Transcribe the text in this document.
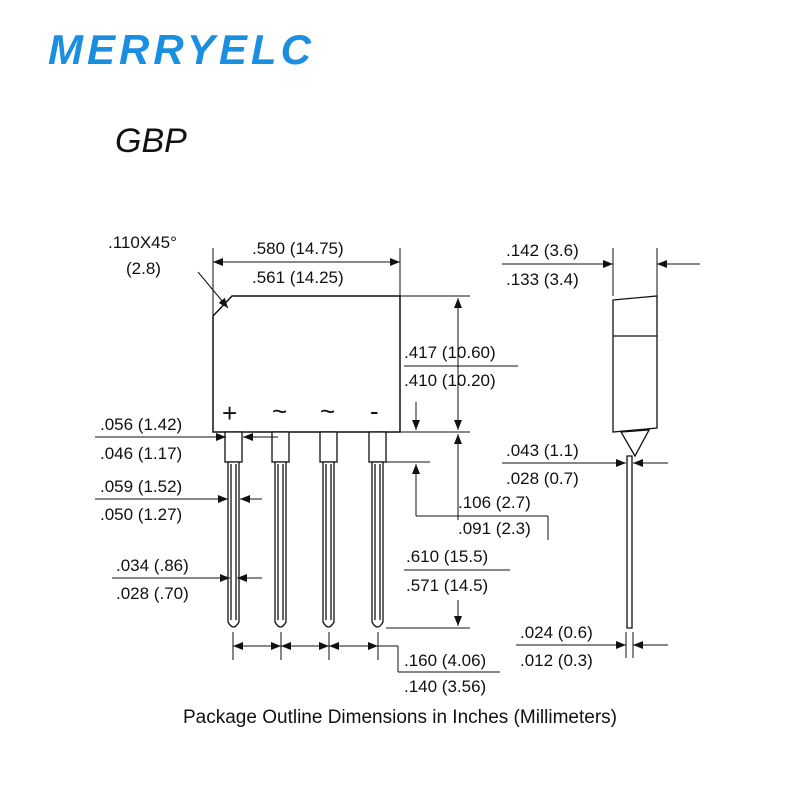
MERRYELC
GBP
+ ~ ~ -
.110X45°
(2.8)
.580 (14.75)
.561 (14.25)
.142 (3.6)
.133 (3.4)
.417 (10.60)
.410 (10.20)
.056 (1.42)
.046 (1.17)
.059 (1.52)
.050 (1.27)
.034 (.86)
.028 (.70)
.106 (2.7)
.091 (2.3)
.610 (15.5)
.571 (14.5)
.160 (4.06)
.140 (3.56)
.043 (1.1)
.028 (0.7)
.024 (0.6)
.012 (0.3)
Package Outline Dimensions in Inches (Millimeters)
